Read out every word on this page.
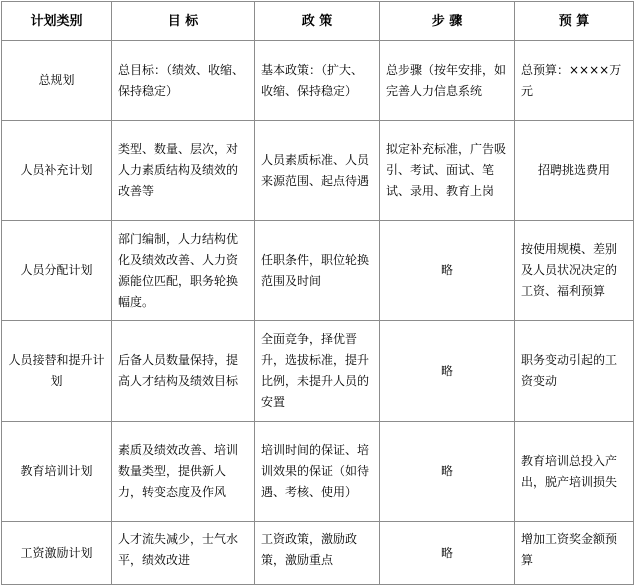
计划类别	目 标	政 策	步 骤	预 算
总规划	总目标：（绩效、收缩、保持稳定）	基本政策：（扩大、收缩、保持稳定）	总步骤（按年安排，如完善人力信息系统	总预算：××××万元
人员补充计划	类型、数量、层次，对人力素质结构及绩效的改善等	人员素质标准、人员来源范围、起点待遇	拟定补充标准，广告吸引、考试、面试、笔试、录用、教育上岗	招聘挑选费用
人员分配计划	部门编制，人力结构优化及绩效改善、人力资源能位匹配，职务轮换幅度。	任职条件，职位轮换范围及时间	略	按使用规模、差别及人员状况决定的工资、福利预算
人员接替和提升计划	后备人员数量保持，提高人才结构及绩效目标	全面竞争，择优晋升，选拔标准，提升比例，未提升人员的安置	略	职务变动引起的工资变动
教育培训计划	素质及绩效改善、培训数量类型，提供新人力，转变态度及作风	培训时间的保证、培训效果的保证（如待遇、考核、使用）	略	教育培训总投入产出，脱产培训损失
工资激励计划	人才流失减少，士气水平，绩效改进	工资政策，激励政策，激励重点	略	增加工资奖金额预算
